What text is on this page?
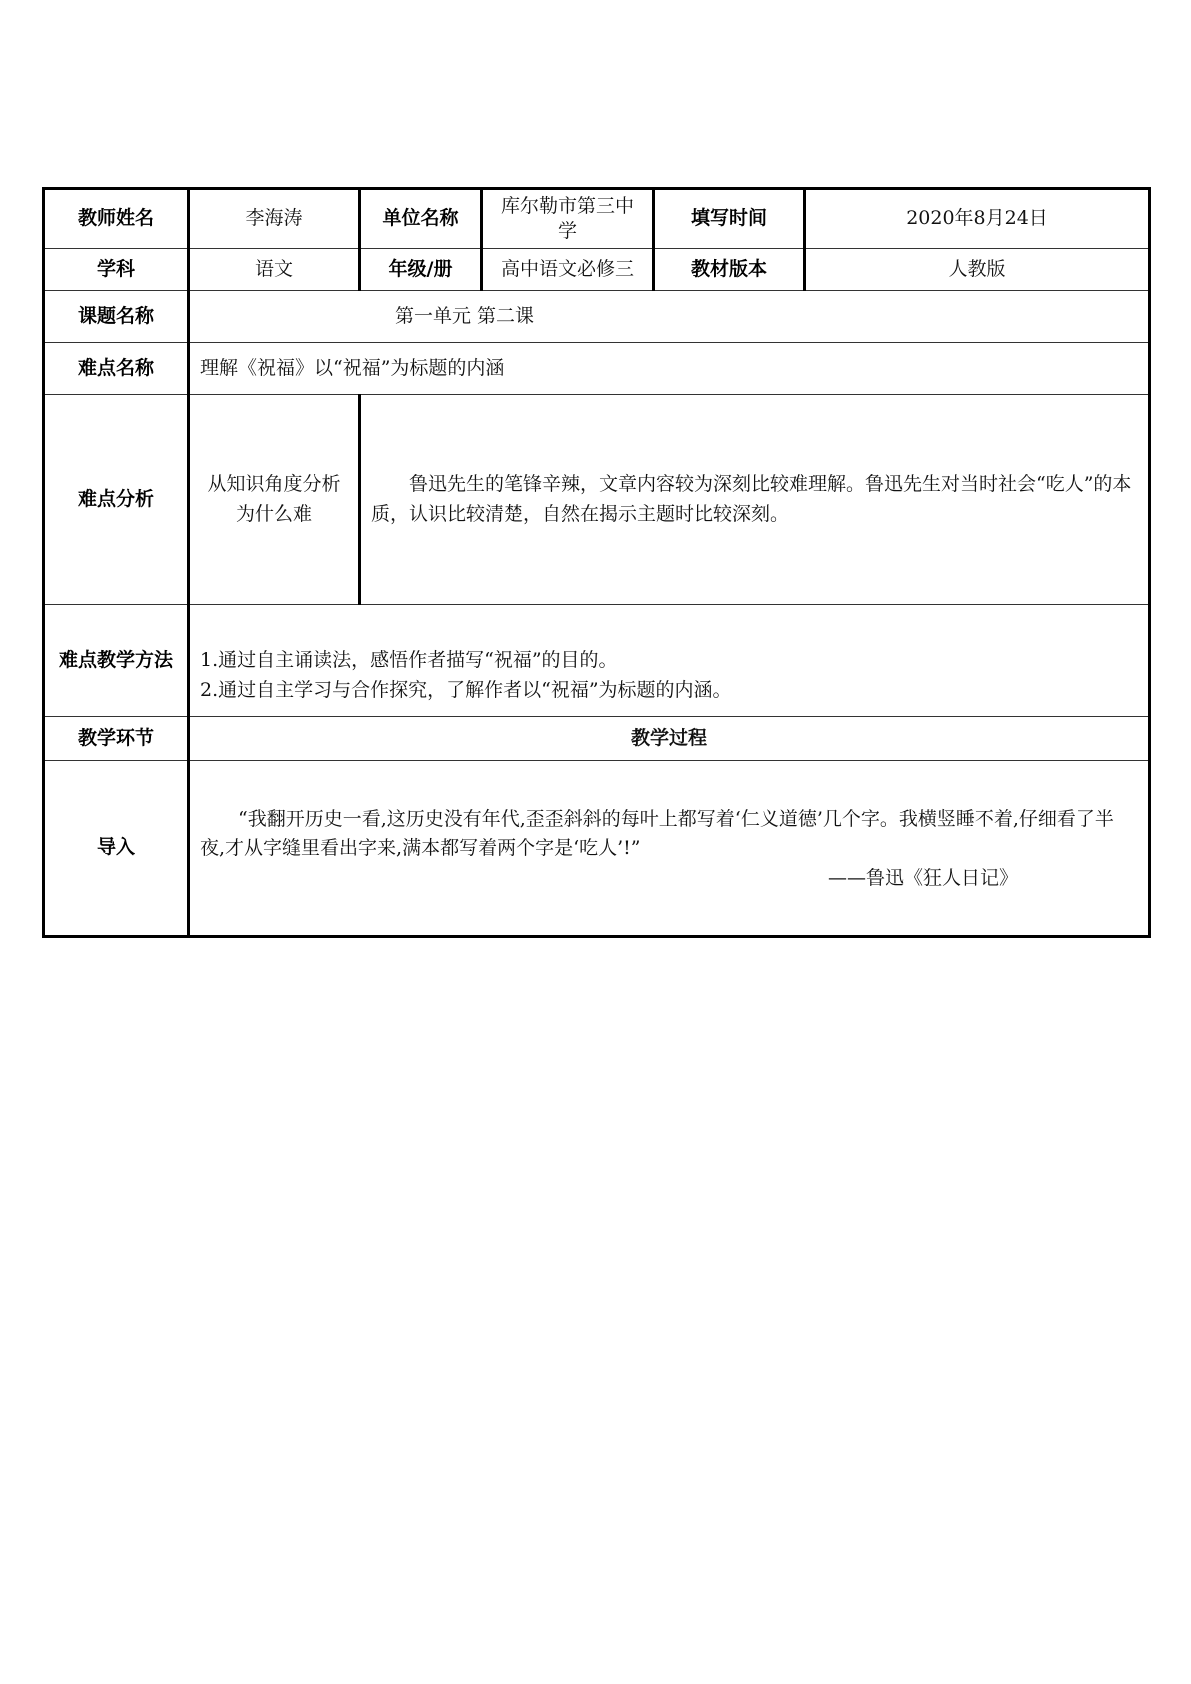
教师姓名	李海涛	单位名称	库尔勒市第三中学	填写时间	2020年8月24日
学科	语文	年级/册	高中语文必修三	教材版本	人教版
课题名称	第一单元 第二课				
难点名称	理解《祝福》以“祝福”为标题的内涵				
难点分析	从知识角度分析为什么难	鲁迅先生的笔锋辛辣，文章内容较为深刻比较难理解。鲁迅先生对当时社会“吃人”的本质，认识比较清楚，自然在揭示主题时比较深刻。			
难点教学方法	1.通过自主诵读法，感悟作者描写“祝福”的目的。
2.通过自主学习与合作探究，了解作者以“祝福”为标题的内涵。				

教学环节	教学过程				
导入	“我翻开历史一看,这历史没有年代,歪歪斜斜的每叶上都写着‘仁义道德’几个字。我横竖睡不着,仔细看了半夜,才从字缝里看出字来,满本都写着两个字是‘吃人’!”
——鲁迅《狂人日记》				
